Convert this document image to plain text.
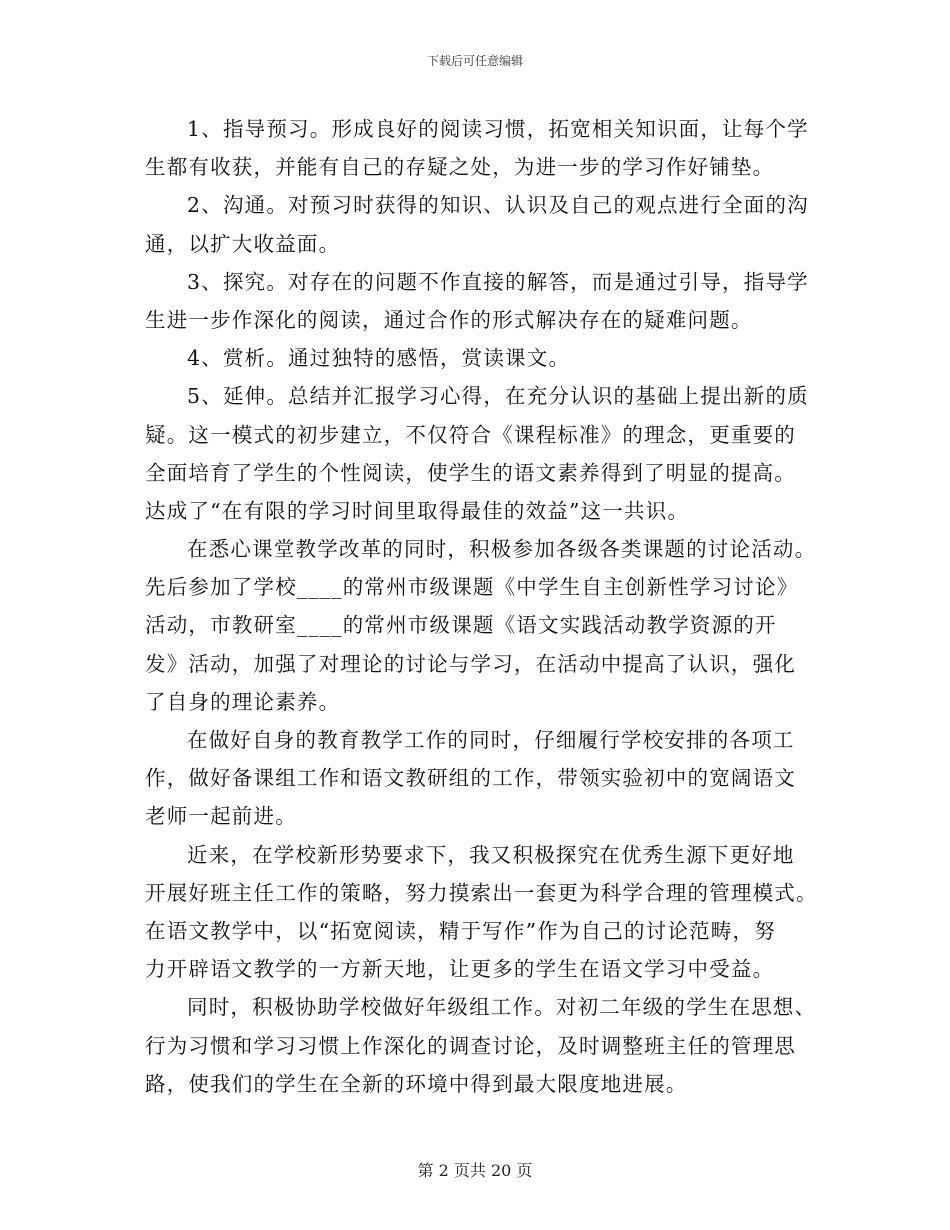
下载后可任意编辑
1、指导预习。形成良好的阅读习惯，拓宽相关知识面，让每个学
生都有收获，并能有自己的存疑之处，为进一步的学习作好铺垫。
2、沟通。对预习时获得的知识、认识及自己的观点进行全面的沟
通，以扩大收益面。
3、探究。对存在的问题不作直接的解答，而是通过引导，指导学
生进一步作深化的阅读，通过合作的形式解决存在的疑难问题。
4、赏析。通过独特的感悟，赏读课文。
5、延伸。总结并汇报学习心得，在充分认识的基础上提出新的质
疑。这一模式的初步建立，不仅符合《课程标准》的理念，更重要的
全面培育了学生的个性阅读，使学生的语文素养得到了明显的提高。
达成了“在有限的学习时间里取得最佳的效益”这一共识。
在悉心课堂教学改革的同时，积极参加各级各类课题的讨论活动。
先后参加了学校____的常州市级课题《中学生自主创新性学习讨论》
活动，市教研室____的常州市级课题《语文实践活动教学资源的开
发》活动，加强了对理论的讨论与学习，在活动中提高了认识，强化
了自身的理论素养。
在做好自身的教育教学工作的同时，仔细履行学校安排的各项工
作，做好备课组工作和语文教研组的工作，带领实验初中的宽阔语文
老师一起前进。
近来，在学校新形势要求下，我又积极探究在优秀生源下更好地
开展好班主任工作的策略，努力摸索出一套更为科学合理的管理模式。
在语文教学中，以“拓宽阅读，精于写作”作为自己的讨论范畴，努
力开辟语文教学的一方新天地，让更多的学生在语文学习中受益。
同时，积极协助学校做好年级组工作。对初二年级的学生在思想、
行为习惯和学习习惯上作深化的调查讨论，及时调整班主任的管理思
路，使我们的学生在全新的环境中得到最大限度地进展。
第 2 页共 20 页
